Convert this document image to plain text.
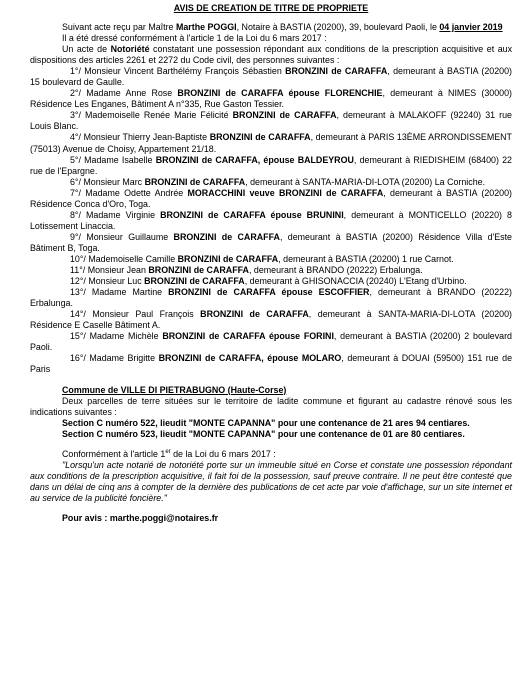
AVIS DE CREATION DE TITRE DE PROPRIETE

Suivant acte reçu par Maître Marthe POGGI, Notaire à BASTIA (20200), 39, boulevard Paoli, le 04 janvier 2019

Il a été dressé conformément à l'article 1 de la Loi du 6 mars 2017 :

Un acte de Notoriété constatant une possession répondant aux conditions de la prescription acquisitive et aux dispositions des articles 2261 et 2272 du Code civil, des personnes suivantes :

1°/ Monsieur Vincent Barthélémy François Sébastien BRONZINI de CARAFFA, demeurant à BASTIA (20200) 15 boulevard de Gaulle.

2°/ Madame Anne Rose BRONZINI de CARAFFA épouse FLORENCHIE, demeurant à NIMES (30000) Résidence Les Enganes, Bâtiment A n°335, Rue Gaston Tessier.

3°/ Mademoiselle Renée Marie Félicité BRONZINI de CARAFFA, demeurant à MALAKOFF (92240) 31 rue Louis Blanc.

4°/ Monsieur Thierry Jean-Baptiste BRONZINI de CARAFFA, demeurant à PARIS 13ÈME ARRONDISSEMENT (75013) Avenue de Choisy, Appartement 21/18.

5°/ Madame Isabelle BRONZINI de CARAFFA, épouse BALDEYROU, demeurant à RIEDISHEIM (68400) 22 rue de l'Epargne.

6°/ Monsieur Marc BRONZINI de CARAFFA, demeurant à SANTA-MARIA-DI-LOTA (20200) La Corniche.

7°/ Madame Odette Andrée MORACCHINI veuve BRONZINI de CARAFFA, demeurant à BASTIA (20200) Résidence Conca d'Oro, Toga.

8°/ Madame Virginie BRONZINI de CARAFFA épouse BRUNINI, demeurant à MONTICELLO (20220) 8 Lotissement Linaccia.

9°/ Monsieur Guillaume BRONZINI de CARAFFA, demeurant à BASTIA (20200) Résidence Villa d'Este Bâtiment B, Toga.

10°/ Mademoiselle Camille BRONZINI de CARAFFA, demeurant à BASTIA (20200) 1 rue Carnot.

11°/ Monsieur Jean BRONZINI de CARAFFA, demeurant à BRANDO (20222) Erbalunga.

12°/ Monsieur Luc BRONZINI de CARAFFA, demeurant à GHISONACCIA (20240) L'Etang d'Urbino.

13°/ Madame Martine BRONZINI de CARAFFA épouse ESCOFFIER, demeurant à BRANDO (20222) Erbalunga.

14°/ Monsieur Paul François BRONZINI de CARAFFA, demeurant à SANTA-MARIA-DI-LOTA (20200) Résidence E Caselle Bâtiment A.

15°/ Madame Michèle BRONZINI de CARAFFA épouse FORINI, demeurant à BASTIA (20200) 2 boulevard Paoli.

16°/ Madame Brigitte BRONZINI de CARAFFA, épouse MOLARO, demeurant à DOUAI (59500) 151 rue de Paris

Commune de VILLE DI PIETRABUGNO (Haute-Corse)

Deux parcelles de terre situées sur le territoire de ladite commune et figurant au cadastre rénové sous les indications suivantes :

Section C numéro 522, lieudit "MONTE CAPANNA" pour une contenance de 21 ares 94 centiares.

Section C numéro 523, lieudit "MONTE CAPANNA" pour une contenance de 01 are 80 centiares.

Conformément à l'article 1er de la Loi du 6 mars 2017 :

"Lorsqu'un acte notarié de notoriété porte sur un immeuble situé en Corse et constate une possession répondant aux conditions de la prescription acquisitive, il fait foi de la possession, sauf preuve contraire. Il ne peut être contesté que dans un délai de cinq ans à compter de la dernière des publications de cet acte par voie d'affichage, sur un site internet et au service de la publicité foncière."

Pour avis : marthe.poggi@notaires.fr
